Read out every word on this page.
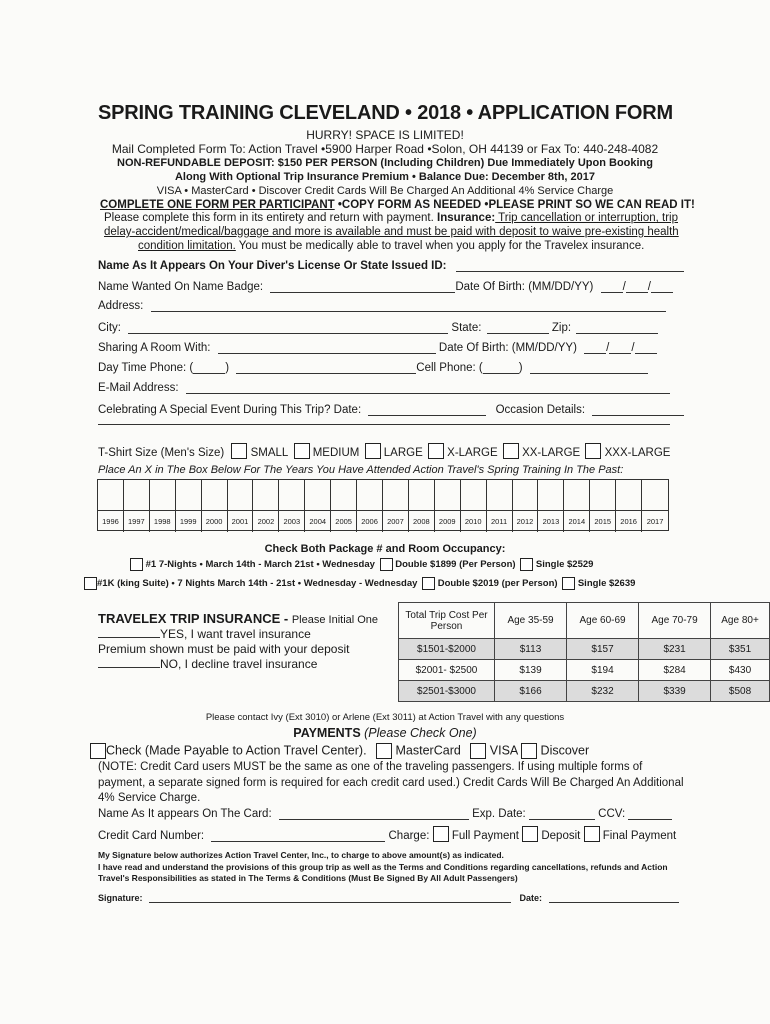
SPRING TRAINING CLEVELAND • 2018 • APPLICATION FORM
HURRY! SPACE IS LIMITED!
Mail Completed Form To: Action Travel •5900 Harper Road •Solon, OH 44139 or Fax To: 440-248-4082
NON-REFUNDABLE DEPOSIT: $150 PER PERSON (Including Children) Due Immediately Upon Booking
Along With Optional Trip Insurance Premium • Balance Due: December 8th, 2017
VISA • MasterCard • Discover Credit Cards Will Be Charged An Additional 4% Service Charge
COMPLETE ONE FORM PER PARTICIPANT •COPY FORM AS NEEDED •PLEASE PRINT SO WE CAN READ IT!
Please complete this form in its entirety and return with payment. Insurance: Trip cancellation or interruption, trip
delay-accident/medical/baggage and more is available and must be paid with deposit to waive pre-existing health
condition limitation. You must be medically able to travel when you apply for the Travelex insurance.
Name As It Appears On Your Diver's License Or State Issued ID:
Name Wanted On Name Badge:	Date Of Birth: (MM/DD/YY)	/ /
Address:
City:	State:	Zip:
Sharing A Room With:	Date Of Birth: (MM/DD/YY)	/ /
Day Time Phone: (	)	Cell Phone: (	)
E-Mail Address:
Celebrating A Special Event During This Trip? Date:	Occasion Details:
T-Shirt Size (Men's Size) SMALL MEDIUM LARGE X-LARGE XX-LARGE XXX-LARGE
Place An X in The Box Below For The Years You Have Attended Action Travel's Spring Training In The Past:
1996	1997	1998	1999	2000	2001	2002	2003	2004	2005	2006	2007	2008	2009	2010	2011	2012	2013	2014	2015	2016	2017
Check Both Package # and Room Occupancy:
#1 7-Nights • March 14th - March 21st • Wednesday Double $1899 (Per Person) Single $2529
#1K (king Suite) • 7 Nights March 14th - 21st • Wednesday - Wednesday Double $2019 (per Person) Single $2639
TRAVELEX TRIP INSURANCE - Please Initial One
YES, I want travel insurance
Premium shown must be paid with your deposit
NO, I decline travel insurance
Total Trip Cost Per Person	Age 35-59	Age 60-69	Age 70-79	Age 80+
$1501-$2000	$113	$157	$231	$351
$2001- $2500	$139	$194	$284	$430
$2501-$3000	$166	$232	$339	$508
Please contact Ivy (Ext 3010) or Arlene (Ext 3011) at Action Travel with any questions
PAYMENTS (Please Check One)
Check (Made Payable to Action Travel Center). MasterCard VISA Discover
(NOTE: Credit Card users MUST be the same as one of the traveling passengers. If using multiple forms of
payment, a separate signed form is required for each credit card used.) Credit Cards Will Be Charged An Additional
4% Service Charge.
Name As It appears On The Card:	Exp. Date:	CCV:
Credit Card Number:	Charge: Full Payment Deposit Final Payment
My Signature below authorizes Action Travel Center, Inc., to charge to above amount(s) as indicated.
I have read and understand the provisions of this group trip as well as the Terms and Conditions regarding cancellations, refunds and Action
Travel's Responsibilities as stated in The Terms & Conditions (Must Be Signed By All Adult Passengers)
Signature:	Date:
